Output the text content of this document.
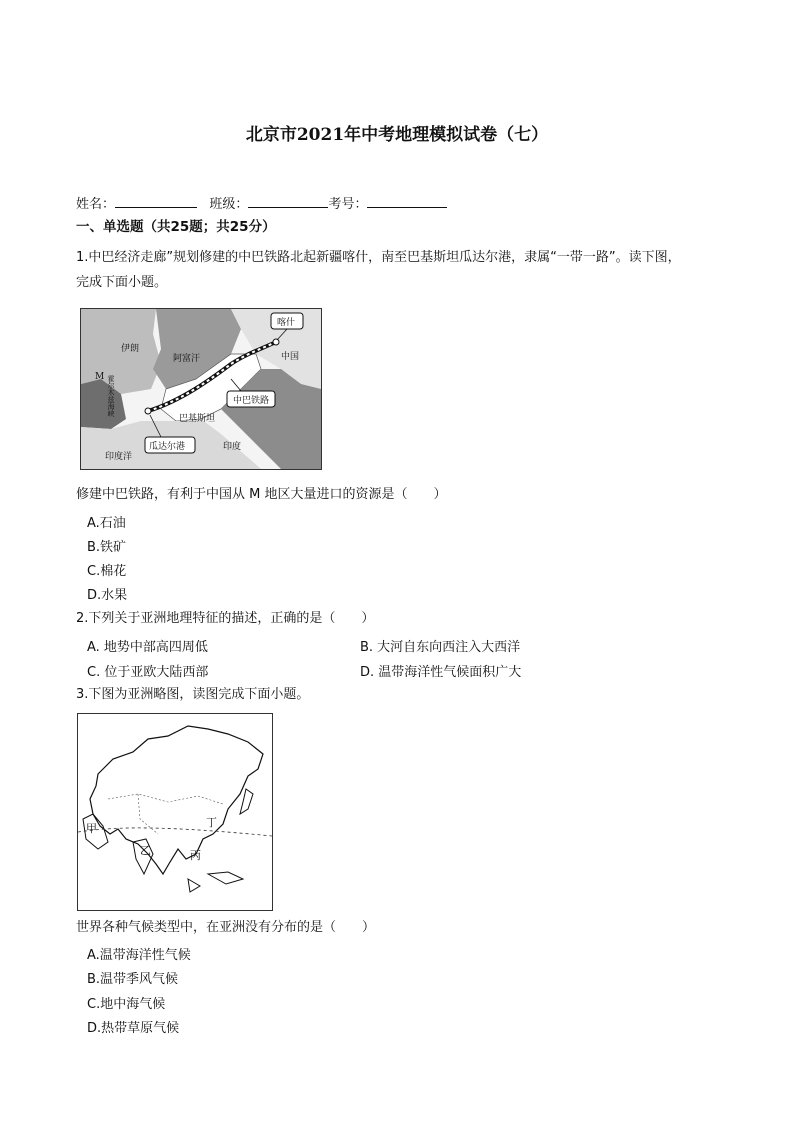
北京市2021年中考地理模拟试卷（七）
姓名：	班级：	考号：
一、单选题（共25题；共25分）
1.中巴经济走廊”规划修建的中巴铁路北起新疆喀什，南至巴基斯坦瓜达尔港，隶属“一带一路”。读下图，
完成下面小题。
喀什
中国
伊朗
阿富汗
M 霍尔木兹海峡
巴基斯坦
中巴铁路
瓜达尔港	印度
印度洋
修建中巴铁路，有利于中国从 M 地区大量进口的资源是（　　）
A.石油
B.铁矿
C.棉花
D.水果
2.下列关于亚洲地理特征的描述，正确的是（　　）
A. 地势中部高四周低	B. 大河自东向西注入大西洋
C. 位于亚欧大陆西部	D. 温带海洋性气候面积广大
3.下图为亚洲略图，读图完成下面小题。
甲
乙	丙
丁
世界各种气候类型中，在亚洲没有分布的是（　　）
A.温带海洋性气候
B.温带季风气候
C.地中海气候
D.热带草原气候
